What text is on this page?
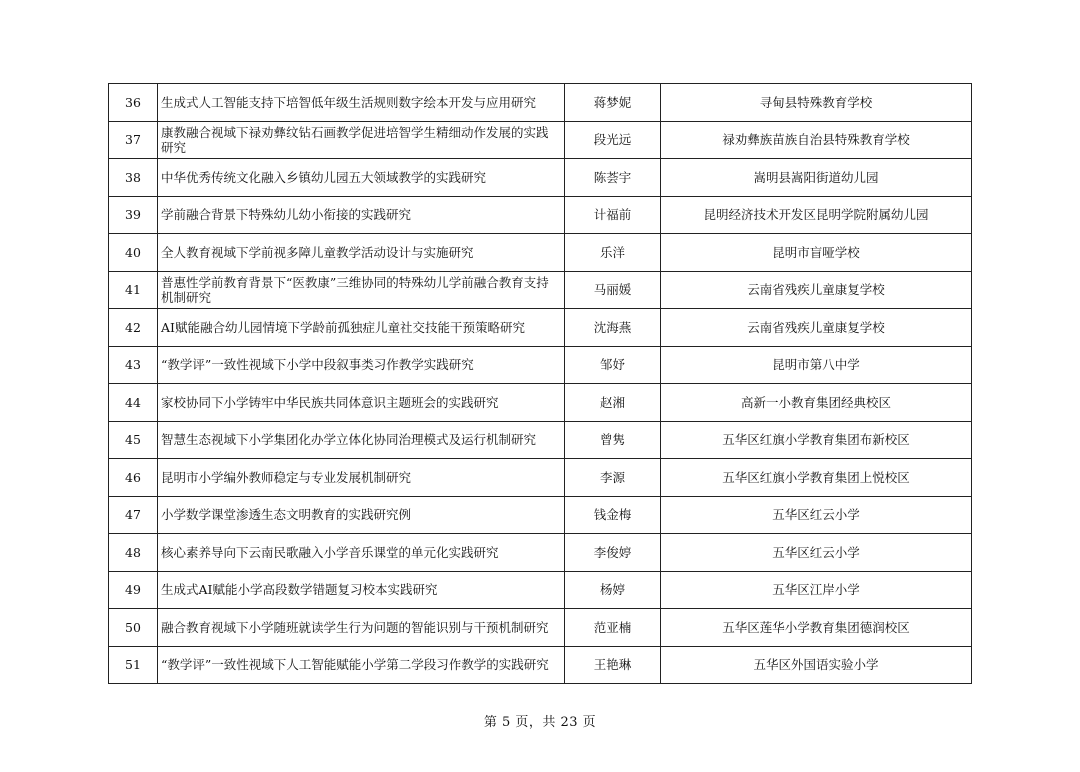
36	生成式人工智能支持下培智低年级生活规则数字绘本开发与应用研究	蒋梦妮	寻甸县特殊教育学校
37	康教融合视域下禄劝彝纹钻石画教学促进培智学生精细动作发展的实践研究	段光远	禄劝彝族苗族自治县特殊教育学校
38	中华优秀传统文化融入乡镇幼儿园五大领域教学的实践研究	陈荟宇	嵩明县嵩阳街道幼儿园
39	学前融合背景下特殊幼儿幼小衔接的实践研究	计福前	昆明经济技术开发区昆明学院附属幼儿园
40	全人教育视域下学前视多障儿童教学活动设计与实施研究	乐洋	昆明市盲哑学校
41	普惠性学前教育背景下“医教康”三维协同的特殊幼儿学前融合教育支持机制研究	马丽媛	云南省残疾儿童康复学校
42	AI赋能融合幼儿园情境下学龄前孤独症儿童社交技能干预策略研究	沈海燕	云南省残疾儿童康复学校
43	“教学评”一致性视域下小学中段叙事类习作教学实践研究	邹妤	昆明市第八中学
44	家校协同下小学铸牢中华民族共同体意识主题班会的实践研究	赵湘	高新一小教育集团经典校区
45	智慧生态视域下小学集团化办学立体化协同治理模式及运行机制研究	曾隽	五华区红旗小学教育集团布新校区
46	昆明市小学编外教师稳定与专业发展机制研究	李源	五华区红旗小学教育集团上悦校区
47	小学数学课堂渗透生态文明教育的实践研究例	钱金梅	五华区红云小学
48	核心素养导向下云南民歌融入小学音乐课堂的单元化实践研究	李俊婷	五华区红云小学
49	生成式AI赋能小学高段数学错题复习校本实践研究	杨婷	五华区江岸小学
50	融合教育视域下小学随班就读学生行为问题的智能识别与干预机制研究	范亚楠	五华区莲华小学教育集团德润校区
51	“教学评”一致性视域下人工智能赋能小学第二学段习作教学的实践研究	王艳琳	五华区外国语实验小学
第 5 页，共 23 页
